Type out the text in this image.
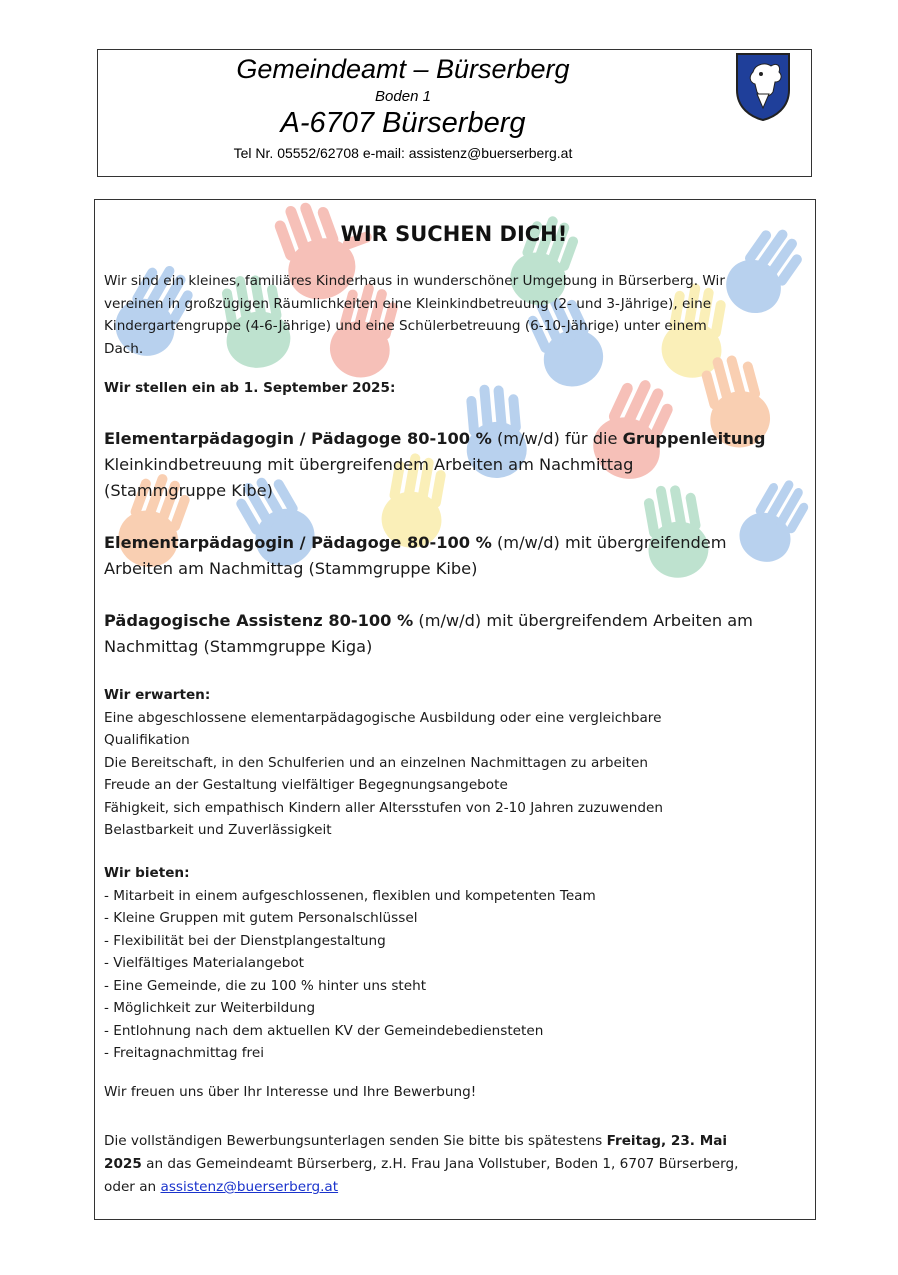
Gemeindeamt – Bürserberg
Boden 1
A-6707 Bürserberg
Tel Nr. 05552/62708 e-mail: assistenz@buerserberg.at
WIR SUCHEN DICH!
Wir sind ein kleines, familiäres Kinderhaus in wunderschöner Umgebung in Bürserberg. Wir
vereinen in großzügigen Räumlichkeiten eine Kleinkindbetreuung (2- und 3-Jährige), eine
Kindergartengruppe (4-6-Jährige) und eine Schülerbetreuung (6-10-Jährige) unter einem
Dach.
Wir stellen ein ab 1. September 2025:
Elementarpädagogin / Pädagoge 80-100 % (m/w/d) für die Gruppenleitung
Kleinkindbetreuung mit übergreifendem Arbeiten am Nachmittag
(Stammgruppe Kibe)
Elementarpädagogin / Pädagoge 80-100 % (m/w/d) mit übergreifendem
Arbeiten am Nachmittag (Stammgruppe Kibe)
Pädagogische Assistenz 80-100 % (m/w/d) mit übergreifendem Arbeiten am
Nachmittag (Stammgruppe Kiga)
Wir erwarten:
Eine abgeschlossene elementarpädagogische Ausbildung oder eine vergleichbare
Qualifikation
Die Bereitschaft, in den Schulferien und an einzelnen Nachmittagen zu arbeiten
Freude an der Gestaltung vielfältiger Begegnungsangebote
Fähigkeit, sich empathisch Kindern aller Altersstufen von 2-10 Jahren zuzuwenden
Belastbarkeit und Zuverlässigkeit
Wir bieten:
- Mitarbeit in einem aufgeschlossenen, flexiblen und kompetenten Team
- Kleine Gruppen mit gutem Personalschlüssel
- Flexibilität bei der Dienstplangestaltung
- Vielfältiges Materialangebot
- Eine Gemeinde, die zu 100 % hinter uns steht
- Möglichkeit zur Weiterbildung
- Entlohnung nach dem aktuellen KV der Gemeindebediensteten
- Freitagnachmittag frei
Wir freuen uns über Ihr Interesse und Ihre Bewerbung!
Die vollständigen Bewerbungsunterlagen senden Sie bitte bis spätestens Freitag, 23. Mai
2025 an das Gemeindeamt Bürserberg, z.H. Frau Jana Vollstuber, Boden 1, 6707 Bürserberg,
oder an assistenz@buerserberg.at
